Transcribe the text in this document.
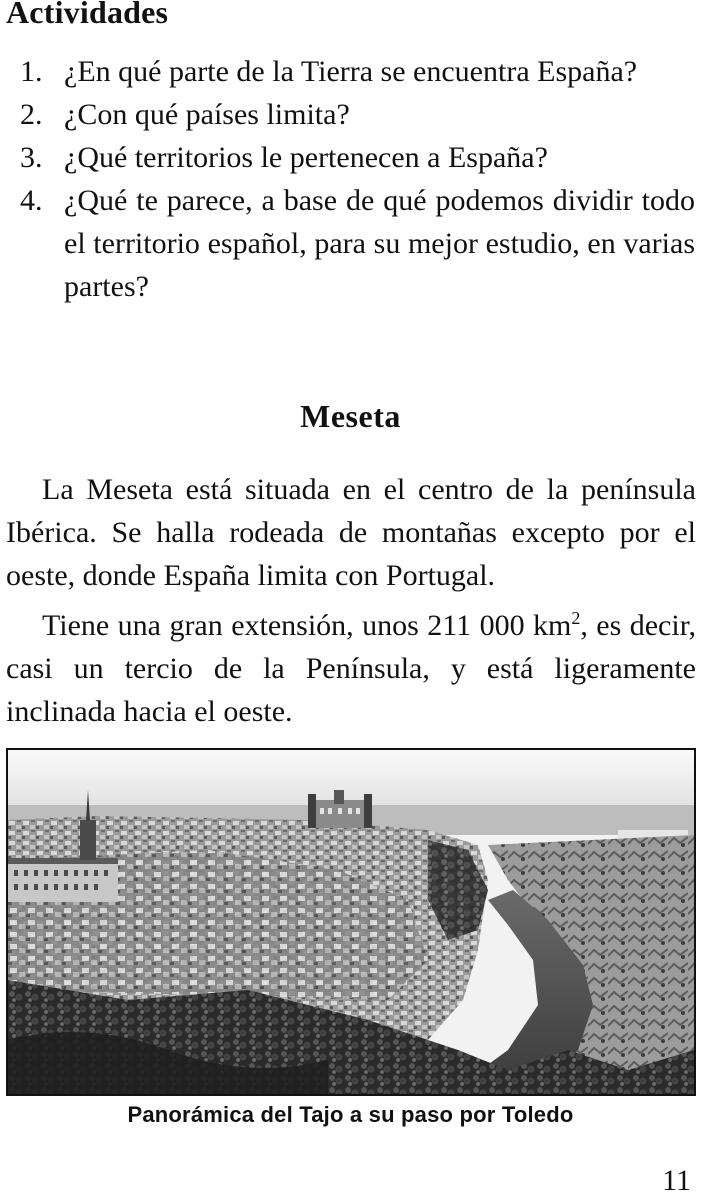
Actividades
1. ¿En qué parte de la Tierra se encuentra España?
2. ¿Con qué países limita?
3. ¿Qué territorios le pertenecen a España?
4. ¿Qué te parece, a base de qué podemos dividir todo el territorio español, para su mejor estudio, en varias partes?
Meseta

La Meseta está situada en el centro de la península Ibérica. Se halla rodeada de montañas excepto por el oeste, donde España limita con Portugal.

Tiene una gran extensión, unos 211 000 $km^2$, es decir, casi un tercio de la Península, y está ligeramente inclinada hacia el oeste.

Panorámica del Tajo a su paso por Toledo
11
